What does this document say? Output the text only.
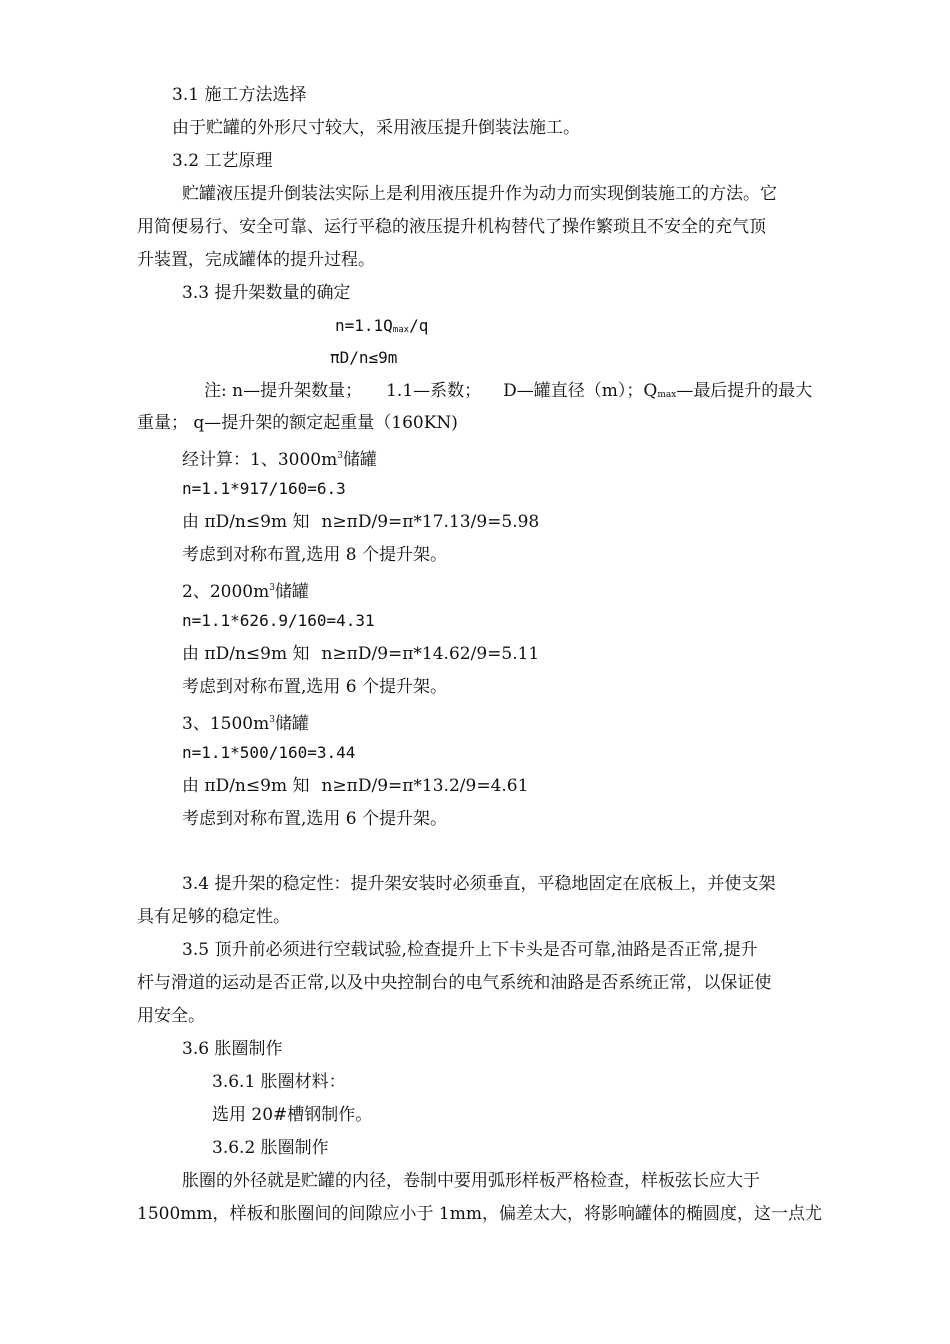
3.1 施工方法选择
由于贮罐的外形尺寸较大，采用液压提升倒装法施工。
3.2 工艺原理
贮罐液压提升倒装法实际上是利用液压提升作为动力而实现倒装施工的方法。它
用简便易行、安全可靠、运行平稳的液压提升机构替代了操作繁琐且不安全的充气顶
升装置，完成罐体的提升过程。
3.3 提升架数量的确定
n=1.1Qmax/q
πD/n≤9m
注: n—提升架数量； 1.1—系数； D—罐直径（m）；Qmax—最后提升的最大
重量； q—提升架的额定起重量（160KN)
经计算：1、$3000m^3$储罐
n=1.1*917/160=6.3
由 πD/n≤9m 知 n≥πD/9=π*17.13/9=5.98
考虑到对称布置,选用 8 个提升架。
2、$2000m^3$储罐
n=1.1*626.9/160=4.31
由 πD/n≤9m 知 n≥πD/9=π*14.62/9=5.11
考虑到对称布置,选用 6 个提升架。
3、$1500m^3$储罐
n=1.1*500/160=3.44
由 πD/n≤9m 知 n≥πD/9=π*13.2/9=4.61
考虑到对称布置,选用 6 个提升架。
3.4 提升架的稳定性：提升架安装时必须垂直，平稳地固定在底板上，并使支架
具有足够的稳定性。
3.5 顶升前必须进行空载试验,检查提升上下卡头是否可靠,油路是否正常,提升
杆与滑道的运动是否正常,以及中央控制台的电气系统和油路是否系统正常，以保证使
用安全。
3.6 胀圈制作
3.6.1 胀圈材料：
选用 20#槽钢制作。
3.6.2 胀圈制作
胀圈的外径就是贮罐的内径，卷制中要用弧形样板严格检查，样板弦长应大于
1500mm，样板和胀圈间的间隙应小于 1mm，偏差太大，将影响罐体的椭圆度，这一点尤
